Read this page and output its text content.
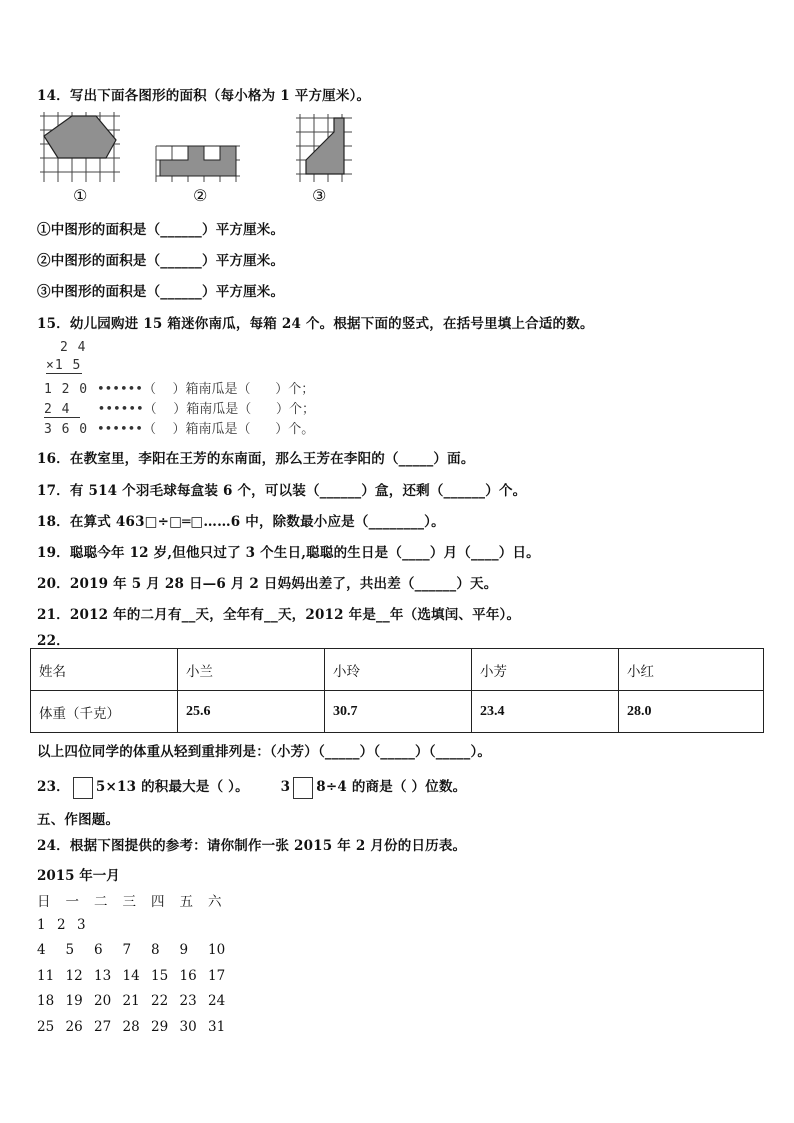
14．写出下面各图形的面积（每小格为 1 平方厘米）。
①	②	③
①中图形的面积是（______）平方厘米。
②中图形的面积是（______）平方厘米。
③中图形的面积是（______）平方厘米。
15．幼儿园购进 15 箱迷你南瓜，每箱 24 个。根据下面的竖式，在括号里填上合适的数。
2 4
×1 5
1 2 0 ••••••（    ）箱南瓜是（      ）个；
2 4 ••••••（    ）箱南瓜是（      ）个；
3 6 0 ••••••（    ）箱南瓜是（      ）个。
16．在教室里，李阳在王芳的东南面，那么王芳在李阳的（_____）面。
17．有 514 个羽毛球每盒装 6 个，可以装（______）盒，还剩（______）个。
18．在算式 463□÷□═□……6 中，除数最小应是（________）。
19．聪聪今年 12 岁,但他只过了 3 个生日,聪聪的生日是（____）月（____）日。
20．2019 年 5 月 28 日—6 月 2 日妈妈出差了，共出差（______）天。
21．2012 年的二月有__天，全年有__天，2012 年是__年（选填闰、平年）。
22．
姓名	小兰	小玲	小芳	小红
体重（千克）	25.6	30.7	23.4	28.0
以上四位同学的体重从轻到重排列是：（小芳）（_____）（_____）（_____）。
23． 5×13 的积最大是（ ）。 3 8÷4 的商是（ ）位数。
五、作图题。
24．根据下图提供的参考：请你制作一张 2015 年 2 月份的日历表。
2015 年一月
日 一 二 三 四 五 六
1 2 3
4 5 6 7 8 9 10
11 12 13 14 15 16 17
18 19 20 21 22 23 24
25 26 27 28 29 30 31
